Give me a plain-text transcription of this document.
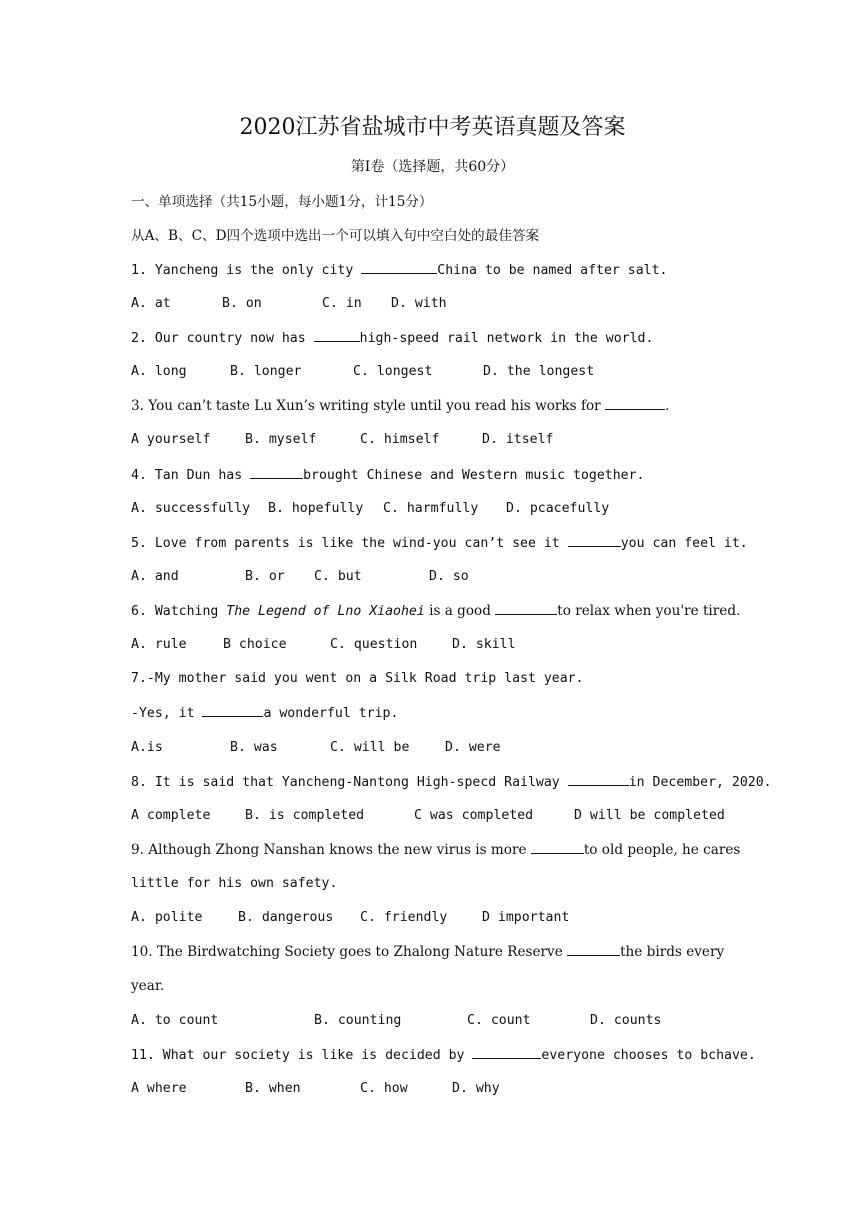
2020江苏省盐城市中考英语真题及答案
第Ⅰ卷（选择题，共60分）
一、单项选择（共15小题，每小题1分，计15分）
从A、B、C、D四个选项中选出一个可以填入句中空白处的最佳答案
1. Yancheng is the only city	China to be named after salt.
A. at	B. on	C. in D. with
2. Our country now has	high-speed rail network in the world.
A. long	B. longer	C. longest	D. the longest
3. You can’t taste Lu Xun’s writing style until you read his works for	.
A yourself	B. myself	C. himself	D. itself
4. Tan Dun has	brought Chinese and Western music together.
A. successfully B. hopefully C. harmfully D. pcacefully
5. Love from parents is like the wind-you can’t see it	you can feel it.
A. and	B. or C. but	D. so
6. Watching The Legend of Lno Xiaohei is a good	to relax when you're tired.
A. rule	B choice	C. question	D. skill
7.-My mother said you went on a Silk Road trip last year.
-Yes, it	a wonderful trip.
A.is	B. was	C. will be	D. were
8. It is said that Yancheng-Nantong High-specd Railway	in December, 2020.
A complete	B. is completed	C was completed	D will be completed
9. Although Zhong Nanshan knows the new virus is more	to old people, he cares
little for his own safety.
A. polite	B. dangerous C. friendly	D important
10. The Birdwatching Society goes to Zhalong Nature Reserve	the birds every
year.
A. to count	B. counting	C. count	D. counts
11. What our society is like is decided by	everyone chooses to bchave.
A where	B. when	C. how	D. why
